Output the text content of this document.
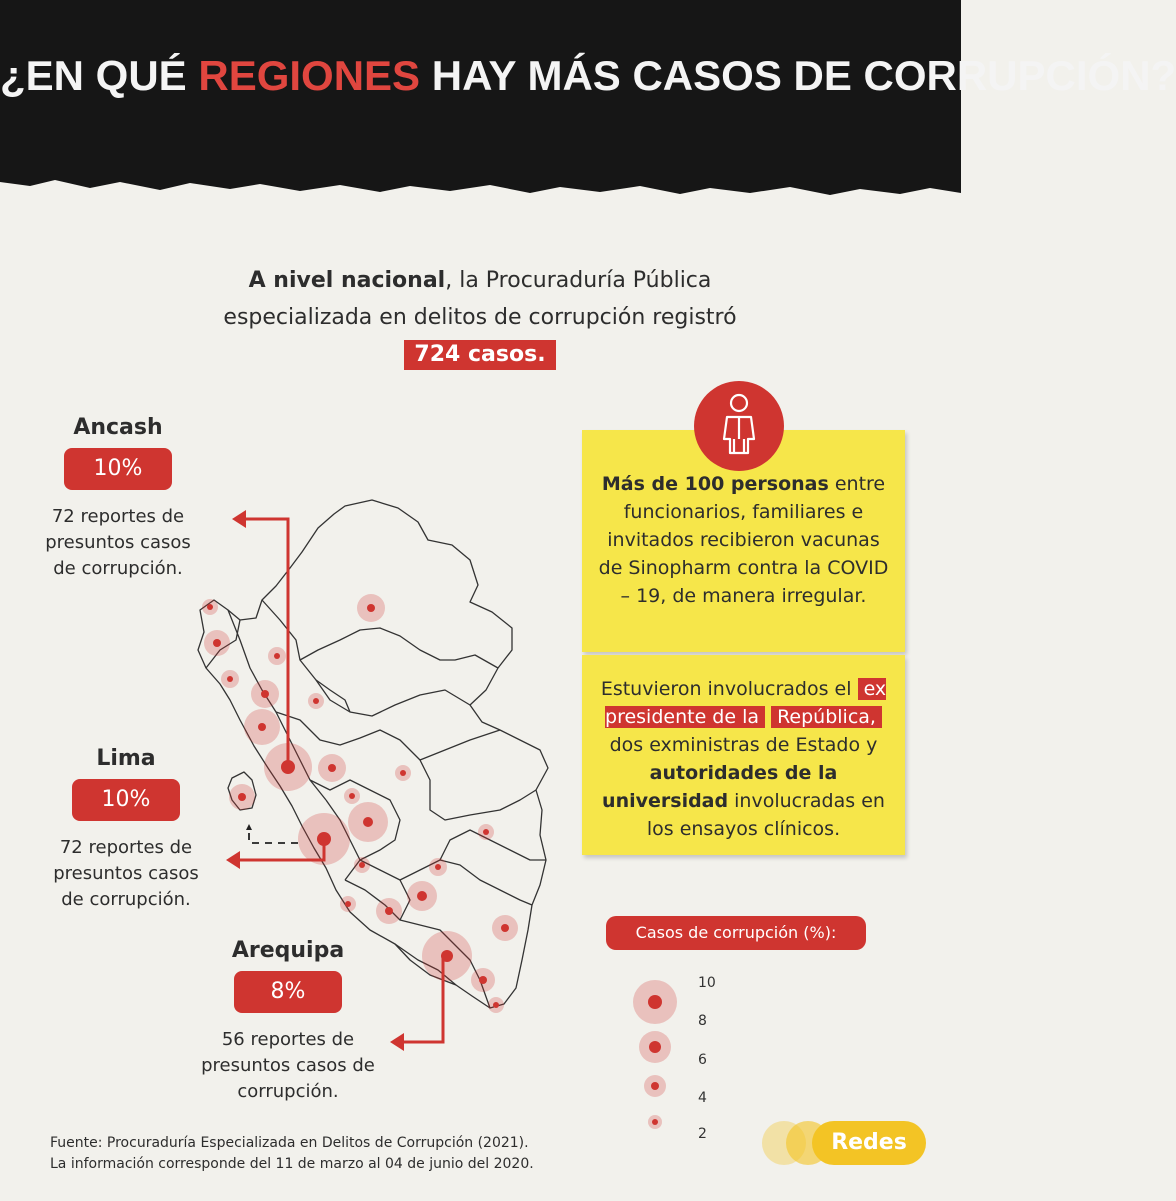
¿EN QUÉ REGIONES HAY MÁS CASOS DE CORRUPCIÓN?
A nivel nacional, la Procuraduría Pública especializada en delitos de corrupción registró 724 casos.
Ancash
10%
72 reportes de
presuntos casos
de corrupción.
Lima
10%
72 reportes de
presuntos casos
de corrupción.
Arequipa
8%
56 reportes de
presuntos casos de
corrupción.
Más de 100 personas entre funcionarios, familiares e invitados recibieron vacunas de Sinopharm contra la COVID – 19, de manera irregular.
Estuvieron involucrados el ex presidente de la República, dos exministras de Estado y autoridades de la universidad involucradas en los ensayos clínicos.
Casos de corrupción (%):
10
8
6
4
2
Fuente: Procuraduría Especializada en Delitos de Corrupción (2021).
La información corresponde del 11 de marzo al 04 de junio del 2020.
Redes
